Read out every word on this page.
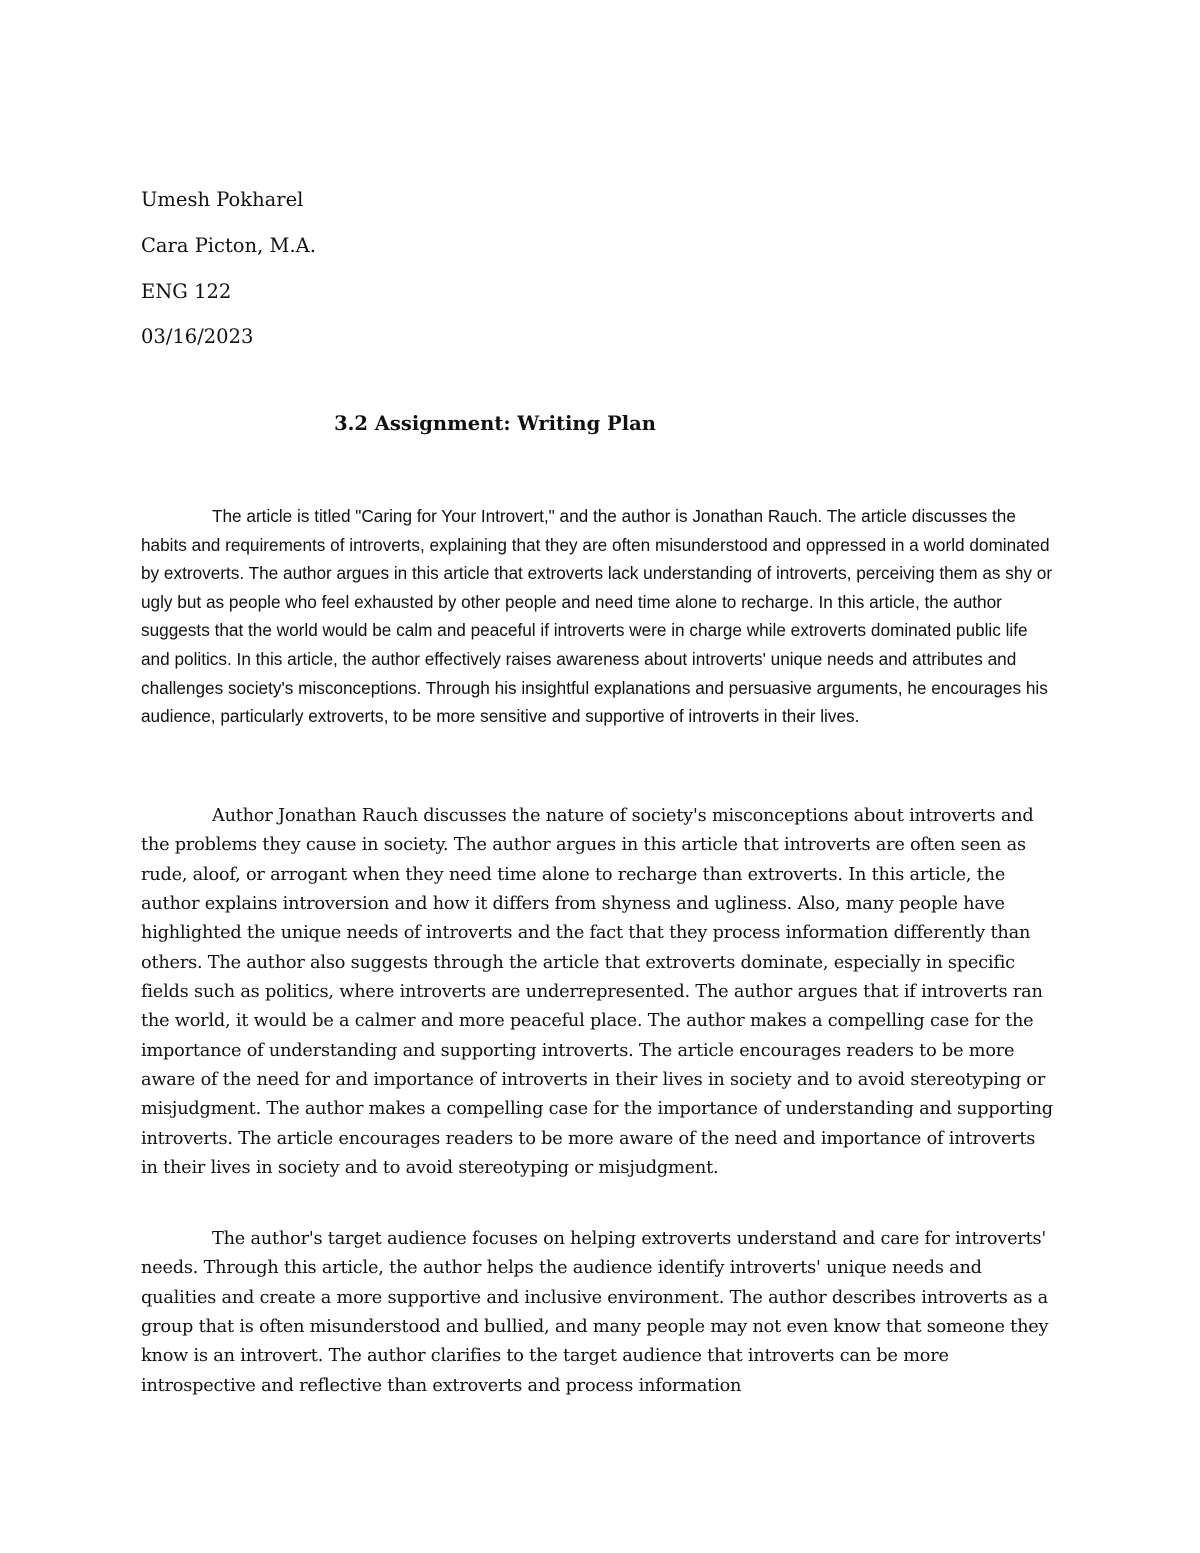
Umesh Pokharel
Cara Picton, M.A.
ENG 122
03/16/2023
3.2 Assignment: Writing Plan

The article is titled "Caring for Your Introvert," and the author is Jonathan Rauch. The article discusses the habits and requirements of introverts, explaining that they are often misunderstood and oppressed in a world dominated by extroverts. The author argues in this article that extroverts lack understanding of introverts, perceiving them as shy or ugly but as people who feel exhausted by other people and need time alone to recharge. In this article, the author suggests that the world would be calm and peaceful if introverts were in charge while extroverts dominated public life and politics. In this article, the author effectively raises awareness about introverts' unique needs and attributes and challenges society's misconceptions. Through his insightful explanations and persuasive arguments, he encourages his audience, particularly extroverts, to be more sensitive and supportive of introverts in their lives.

Author Jonathan Rauch discusses the nature of society's misconceptions about introverts and the problems they cause in society. The author argues in this article that introverts are often seen as rude, aloof, or arrogant when they need time alone to recharge than extroverts. In this article, the author explains introversion and how it differs from shyness and ugliness. Also, many people have highlighted the unique needs of introverts and the fact that they process information differently than others. The author also suggests through the article that extroverts dominate, especially in specific fields such as politics, where introverts are underrepresented. The author argues that if introverts ran the world, it would be a calmer and more peaceful place. The author makes a compelling case for the importance of understanding and supporting introverts. The article encourages readers to be more aware of the need for and importance of introverts in their lives in society and to avoid stereotyping or misjudgment. The author makes a compelling case for the importance of understanding and supporting introverts. The article encourages readers to be more aware of the need and importance of introverts in their lives in society and to avoid stereotyping or misjudgment.

The author's target audience focuses on helping extroverts understand and care for introverts' needs. Through this article, the author helps the audience identify introverts' unique needs and qualities and create a more supportive and inclusive environment. The author describes introverts as a group that is often misunderstood and bullied, and many people may not even know that someone they know is an introvert. The author clarifies to the target audience that introverts can be more introspective and reflective than extroverts and process information
